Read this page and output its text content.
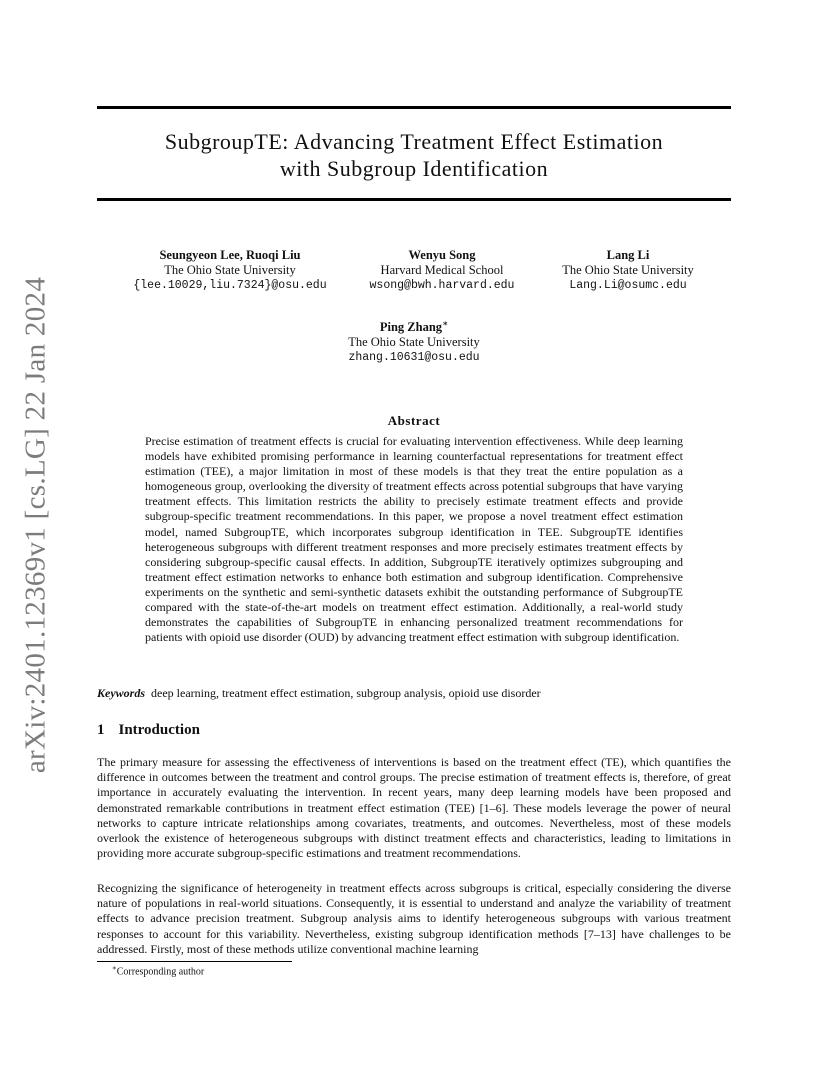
arXiv:2401.12369v1 [cs.LG] 22 Jan 2024
SubgroupTE: Advancing Treatment Effect Estimation
with Subgroup Identification
Seungyeon Lee, Ruoqi Liu
The Ohio State University
{lee.10029,liu.7324}@osu.edu
Wenyu Song
Harvard Medical School
wsong@bwh.harvard.edu
Lang Li
The Ohio State University
Lang.Li@osumc.edu
Ping Zhang∗
The Ohio State University
zhang.10631@osu.edu
Abstract
Precise estimation of treatment effects is crucial for evaluating intervention effectiveness. While deep learning models have exhibited promising performance in learning counterfactual representations for treatment effect estimation (TEE), a major limitation in most of these models is that they treat the entire population as a homogeneous group, overlooking the diversity of treatment effects across potential subgroups that have varying treatment effects. This limitation restricts the ability to precisely estimate treatment effects and provide subgroup-specific treatment recommendations. In this paper, we propose a novel treatment effect estimation model, named SubgroupTE, which incorporates subgroup identification in TEE. SubgroupTE identifies heterogeneous subgroups with different treatment responses and more precisely estimates treatment effects by considering subgroup-specific causal effects. In addition, SubgroupTE iteratively optimizes subgrouping and treatment effect estimation networks to enhance both estimation and subgroup identification. Comprehensive experiments on the synthetic and semi-synthetic datasets exhibit the outstanding performance of SubgroupTE compared with the state-of-the-art models on treatment effect estimation. Additionally, a real-world study demonstrates the capabilities of SubgroupTE in enhancing personalized treatment recommendations for patients with opioid use disorder (OUD) by advancing treatment effect estimation with subgroup identification.
Keywords deep learning, treatment effect estimation, subgroup analysis, opioid use disorder
1 Introduction

The primary measure for assessing the effectiveness of interventions is based on the treatment effect (TE), which quantifies the difference in outcomes between the treatment and control groups. The precise estimation of treatment effects is, therefore, of great importance in accurately evaluating the intervention. In recent years, many deep learning models have been proposed and demonstrated remarkable contributions in treatment effect estimation (TEE) [1–6]. These models leverage the power of neural networks to capture intricate relationships among covariates, treatments, and outcomes. Nevertheless, most of these models overlook the existence of heterogeneous subgroups with distinct treatment effects and characteristics, leading to limitations in providing more accurate subgroup-specific estimations and treatment recommendations.

Recognizing the significance of heterogeneity in treatment effects across subgroups is critical, especially considering the diverse nature of populations in real-world situations. Consequently, it is essential to understand and analyze the variability of treatment effects to advance precision treatment. Subgroup analysis aims to identify heterogeneous subgroups with various treatment responses to account for this variability. Nevertheless, existing subgroup identification methods [7–13] have challenges to be addressed. Firstly, most of these methods utilize conventional machine learning

∗Corresponding author
